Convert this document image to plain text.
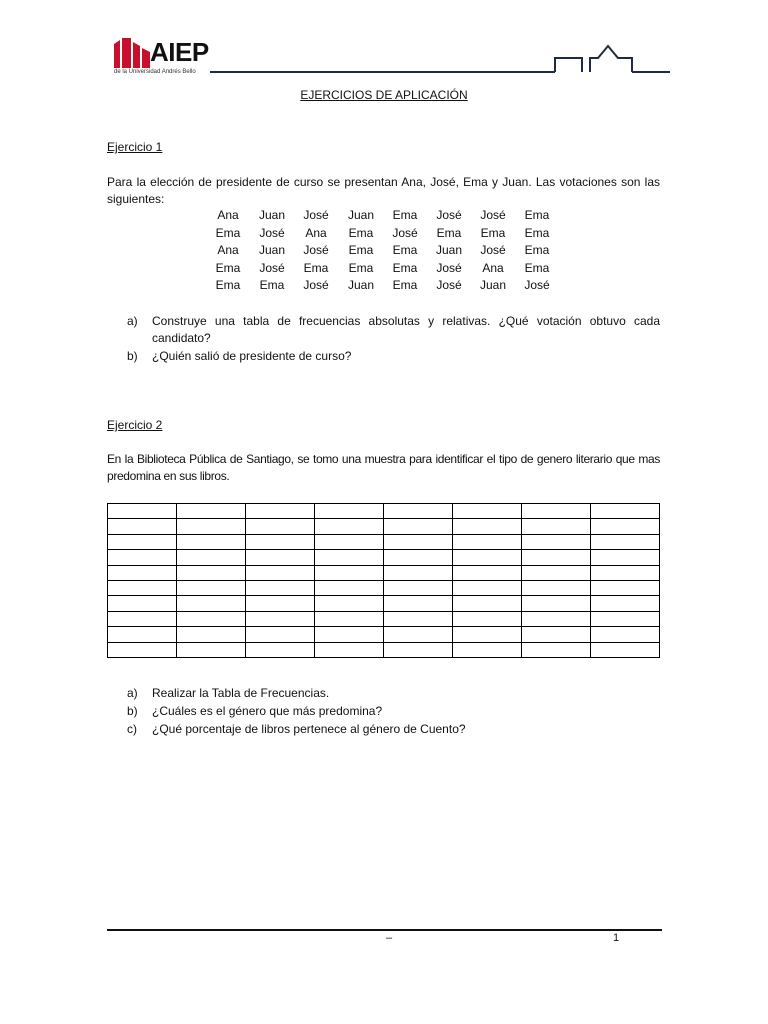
AIEP
de la Universidad Andrés Bello
EJERCICIOS DE APLICACIÓN
Ejercicio 1
Para la elección de presidente de curso se presentan Ana, José, Ema y Juan. Las votaciones son las siguientes:
Ana	Juan	José	Juan	Ema	José	José	Ema
Ema	José	Ana	Ema	José	Ema	Ema	Ema
Ana	Juan	José	Ema	Ema	Juan	José	Ema
Ema	José	Ema	Ema	Ema	José	Ana	Ema
Ema	Ema	José	Juan	Ema	José	Juan	José
a) Construye una tabla de frecuencias absolutas y relativas. ¿Qué votación obtuvo cada candidato?
b) ¿Quién salió de presidente de curso?
Ejercicio 2
En la Biblioteca Pública de Santiago, se tomo una muestra para identificar el tipo de genero literario que mas predomina en sus libros.

a) Realizar la Tabla de Frecuencias.
b) ¿Cuáles es el género que más predomina?
c) ¿Qué porcentaje de libros pertenece al género de Cuento?
–	1
